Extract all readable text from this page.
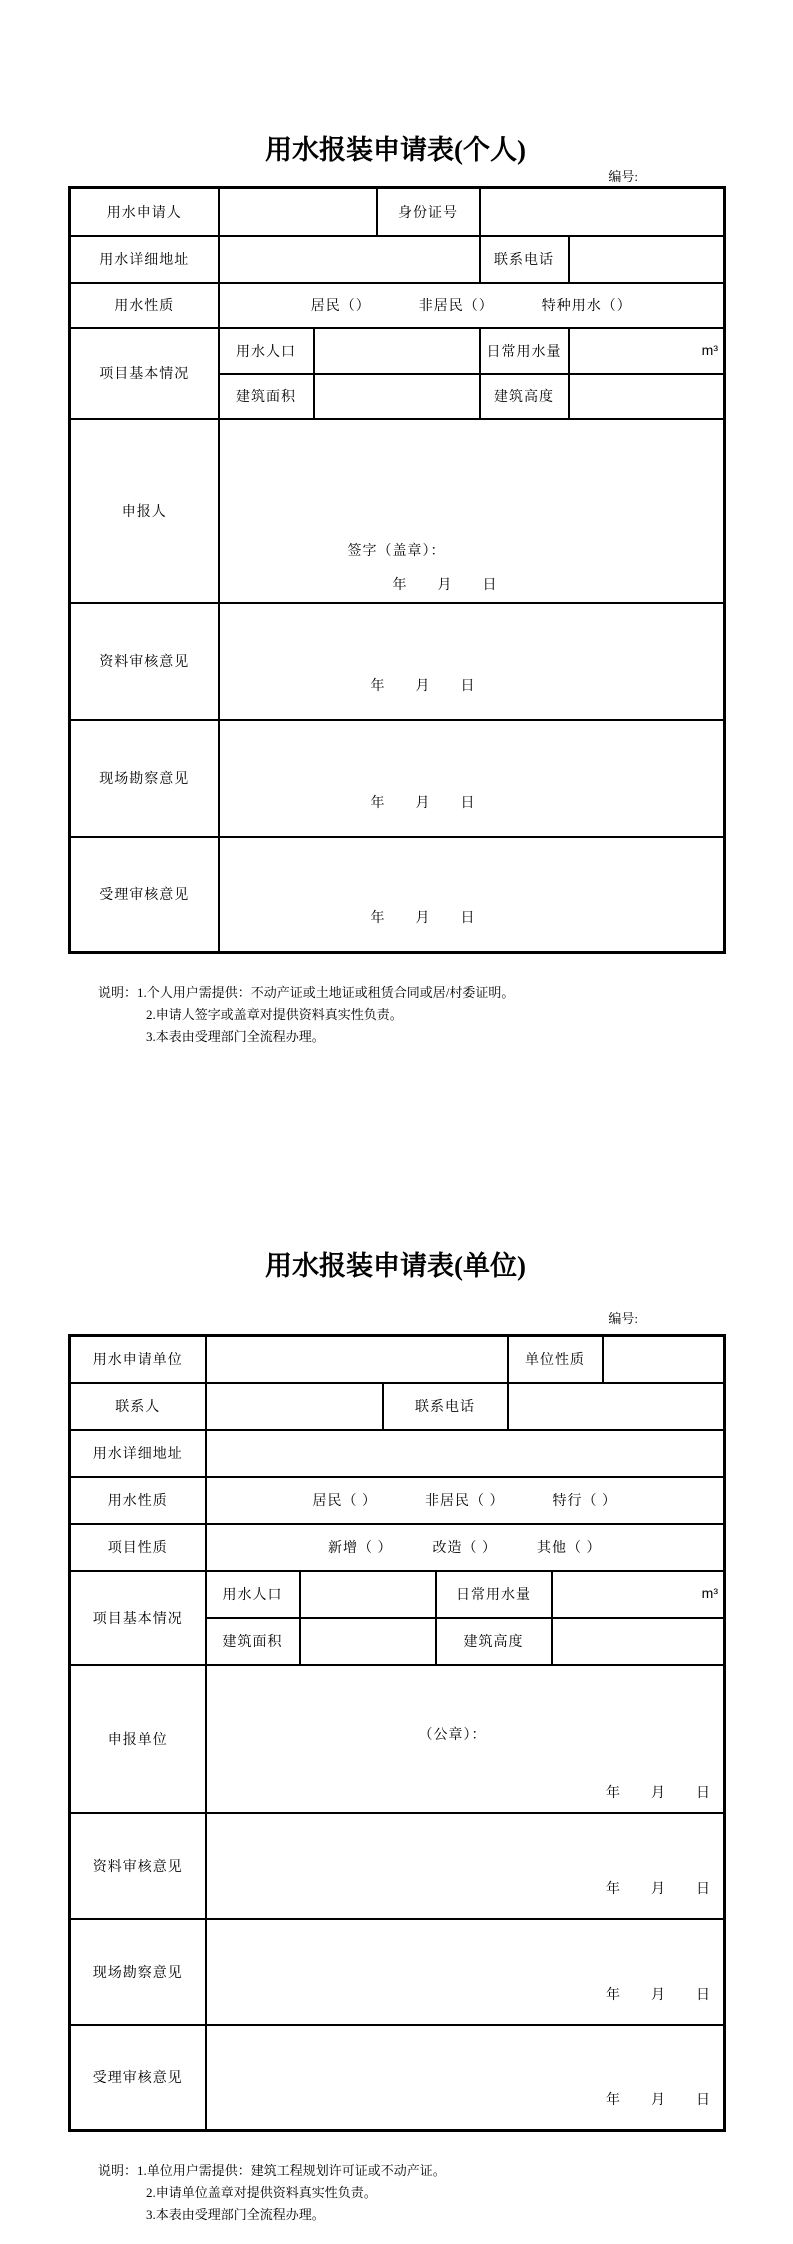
用水报装申请表(个人)
编号:
用水申请人			身份证号		
用水详细地址				联系电话	
用水性质	居民（） 非居民（） 特种用水（）				

项目基本情况	用水人口			日常用水量	m³
	建筑面积			建筑高度	
申报人	签字（盖章）：
年　　月　　日				

资料审核意见	年　　月　　日				

现场勘察意见	年　　月　　日				

受理审核意见	年　　月　　日				
说明：1.个人用户需提供：不动产证或土地证或租赁合同或居/村委证明。
2.申请人签字或盖章对提供资料真实性负责。
3.本表由受理部门全流程办理。
用水报装申请表(单位)
编号:
用水申请单位					单位性质		
联系人			联系电话				
用水详细地址							
用水性质	居民（ ） 非居民（ ） 特行（ ）						

项目性质	新增（ ） 改造（ ） 其他（ ）						

项目基本情况	用水人口			日常用水量		m³	
	建筑面积			建筑高度			
申报单位	（公章）：
年　　月　　日						

资料审核意见	年　　月　　日						

现场勘察意见	年　　月　　日						

受理审核意见	年　　月　　日						
说明：1.单位用户需提供：建筑工程规划许可证或不动产证。
2.申请单位盖章对提供资料真实性负责。
3.本表由受理部门全流程办理。
